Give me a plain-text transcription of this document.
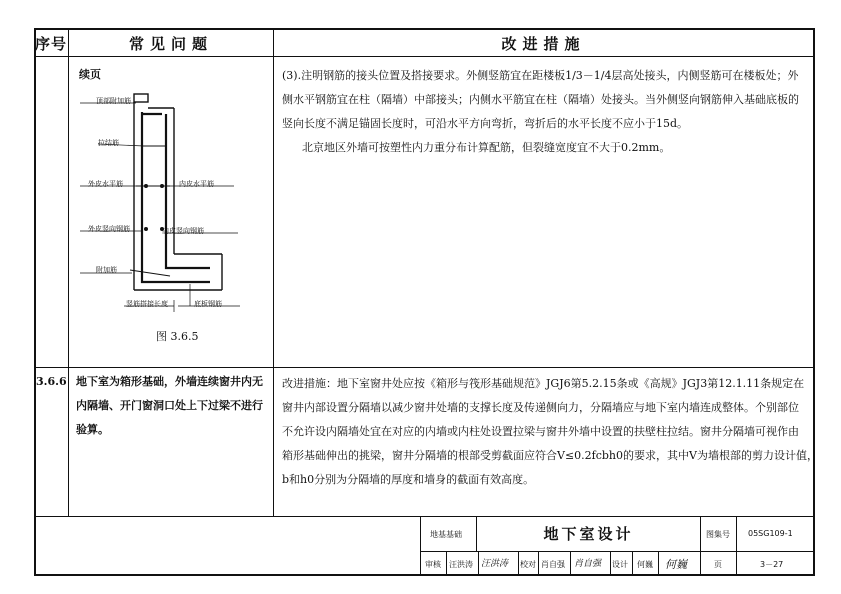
序号	常见问题	改进措施
续页
顶部附加筋
拉结筋
外皮水平筋	内皮水平筋
外皮竖向钢筋	内皮竖向钢筋
附加筋
竖筋搭接长度	底板钢筋
图 3.6.5
(3).注明钢筋的接头位置及搭接要求。外侧竖筋宜在距楼板1/3－1/4层高处接头，内侧竖筋可在楼板处；外
侧水平钢筋宜在柱（隔墙）中部接头；内侧水平筋宜在柱（隔墙）处接头。当外侧竖向钢筋伸入基础底板的
竖向长度不满足锚固长度时，可沿水平方向弯折，弯折后的水平长度不应小于15d。
北京地区外墙可按塑性内力重分布计算配筋，但裂缝宽度宜不大于0.2mm。
3.6.6 地下室为箱形基础，外墙连续窗井内无
内隔墙、开门窗洞口处上下过梁不进行
验算。
改进措施：地下室窗井处应按《箱形与筏形基础规范》JGJ6第5.2.15条或《高规》JGJ3第12.1.11条规定在
窗井内部设置分隔墙以减少窗井处墙的支撑长度及传递侧向力，分隔墙应与地下室内墙连成整体。个别部位
不允许设内隔墙处宜在对应的内墙或内柱处设置拉梁与窗井外墙中设置的扶壁柱拉结。窗井分隔墙可视作由
箱形基础伸出的挑梁，窗井分隔墙的根部受剪截面应符合V≤0.2fcbh0的要求，其中V为墙根部的剪力设计值，
b和h0分别为分隔墙的厚度和墙身的截面有效高度。
地基基础	地下室设计	图集号 05SG109-1
审核 汪洪涛 汪洪涛 校对 肖自强 肖自强 设计 何巍 何巍	页	3－27
